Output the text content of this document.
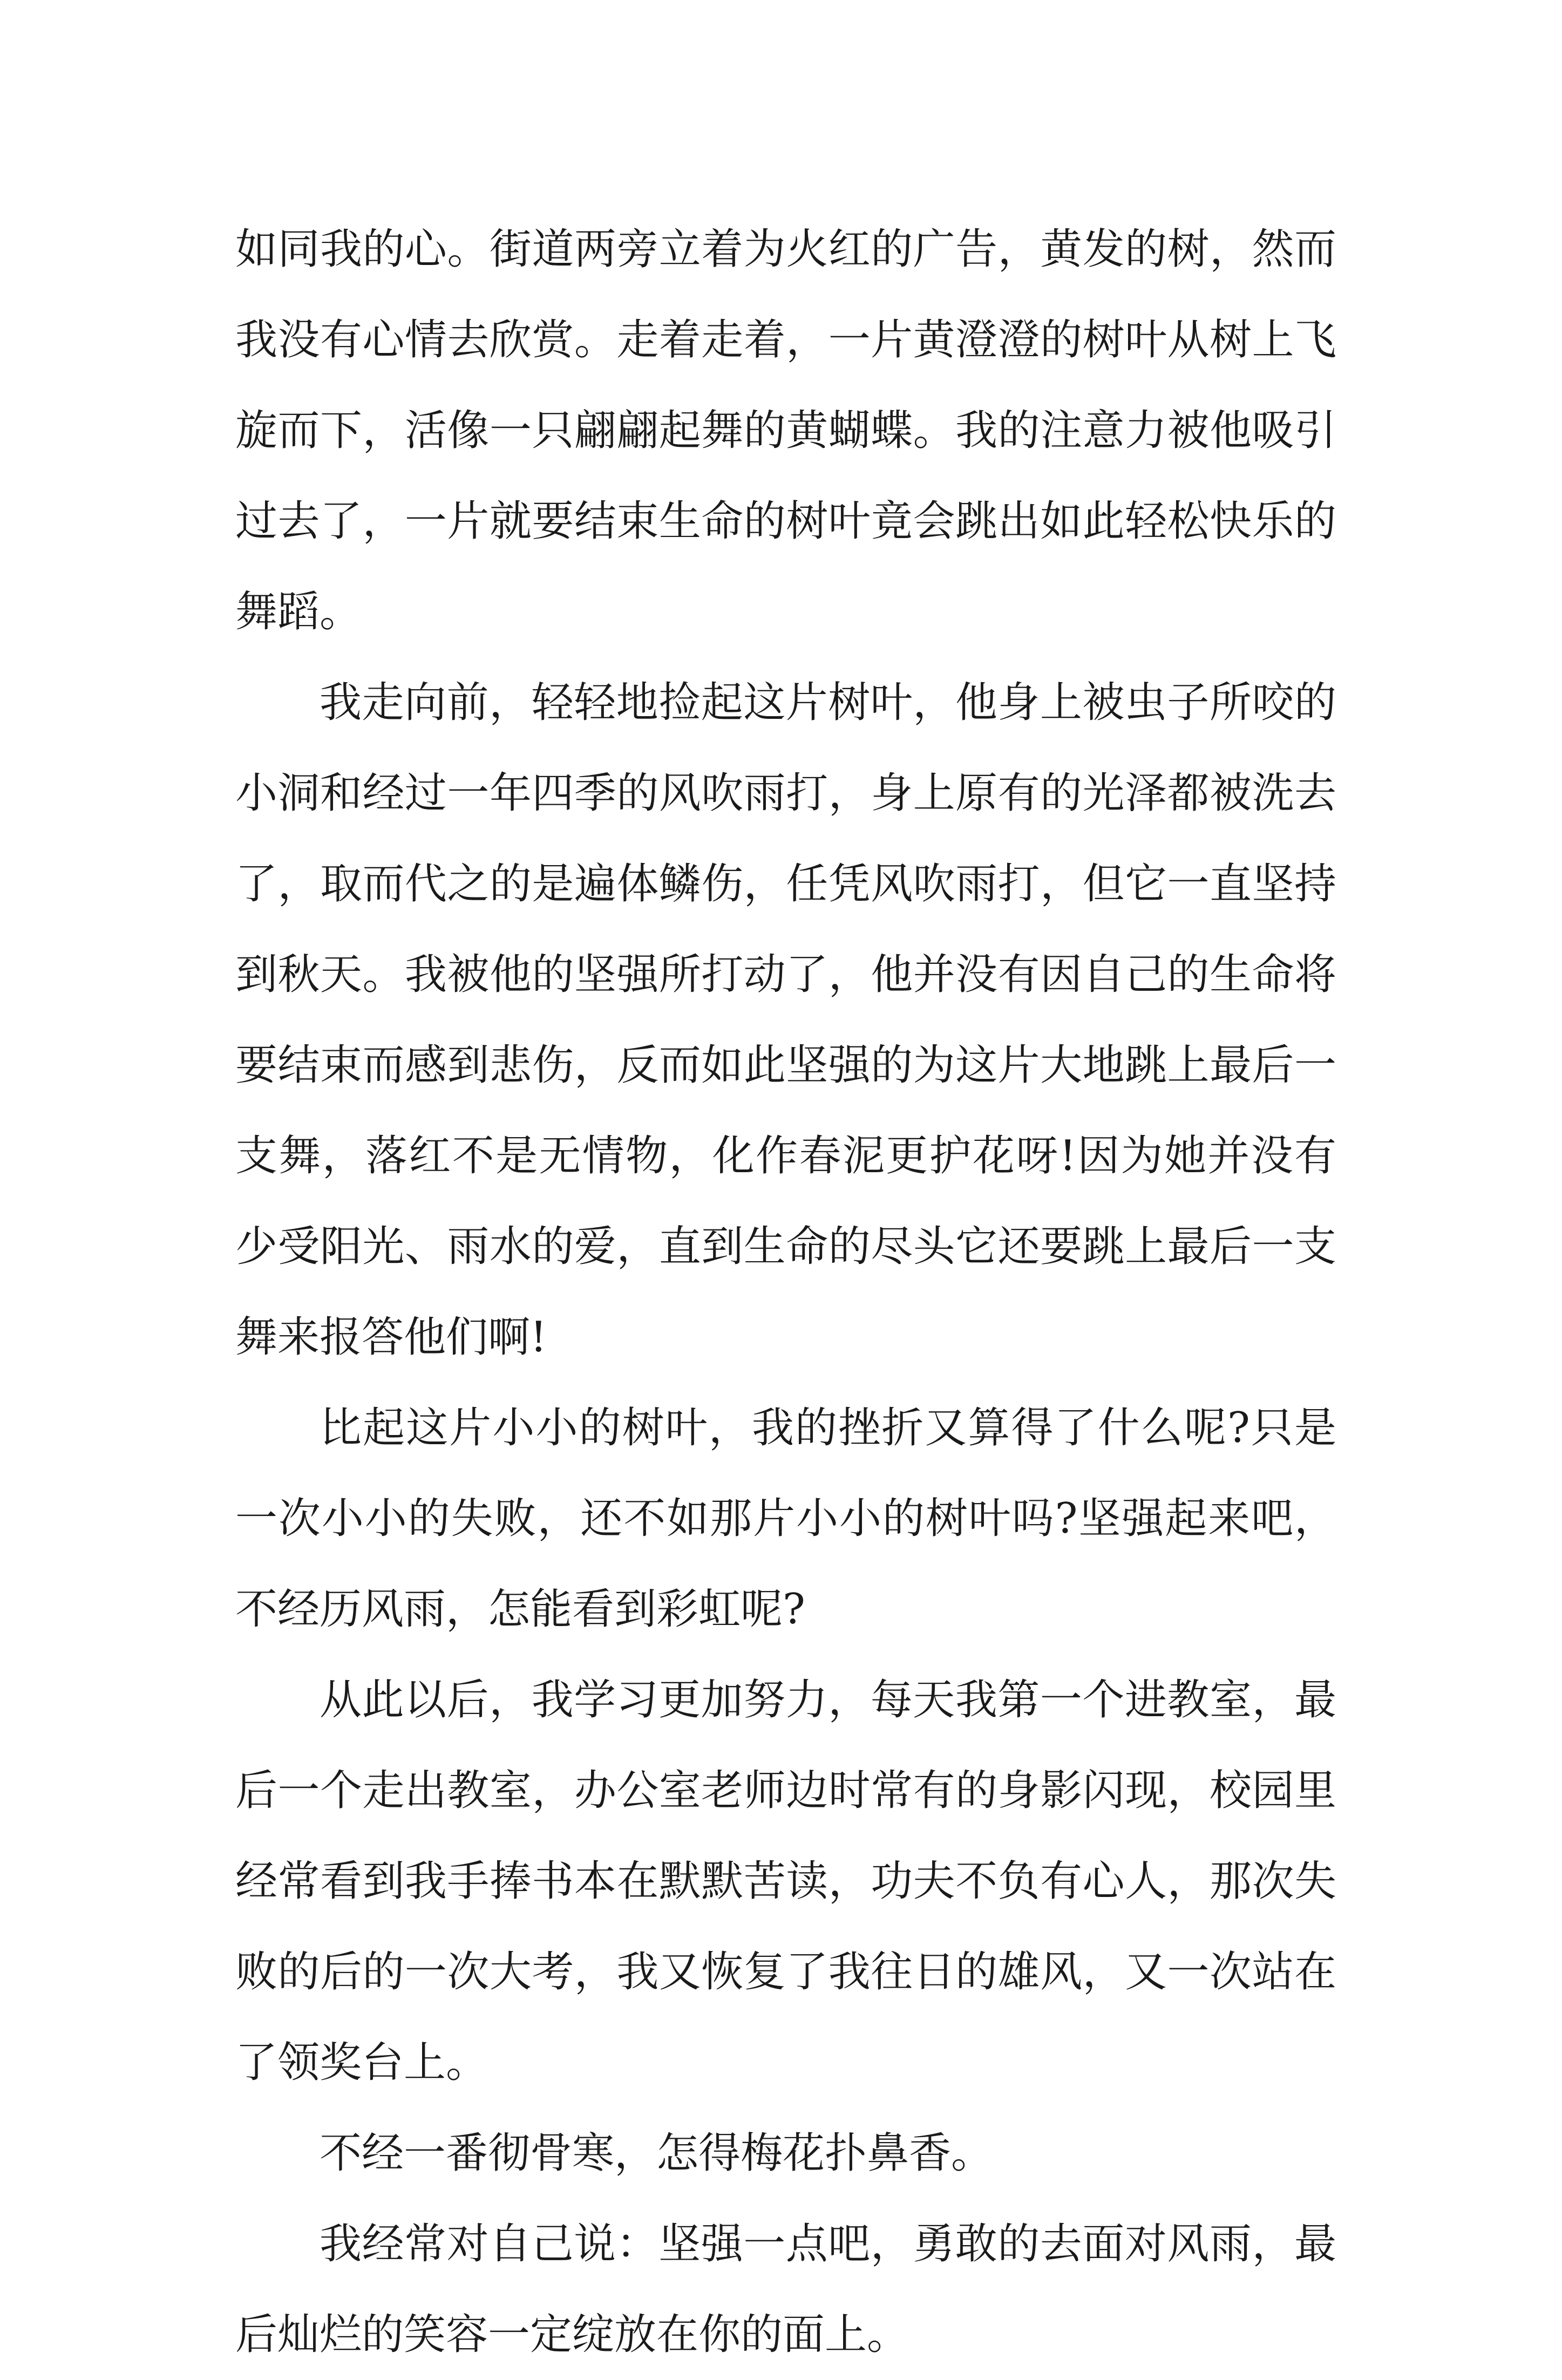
如同我的心。街道两旁立着为火红的广告，黄发的树，然而我没有心情去欣赏。走着走着，一片黄澄澄的树叶从树上飞旋而下，活像一只翩翩起舞的黄蝴蝶。我的注意力被他吸引过去了，一片就要结束生命的树叶竟会跳出如此轻松快乐的舞蹈。

我走向前，轻轻地捡起这片树叶，他身上被虫子所咬的小洞和经过一年四季的风吹雨打，身上原有的光泽都被洗去了，取而代之的是遍体鳞伤，任凭风吹雨打，但它一直坚持到秋天。我被他的坚强所打动了，他并没有因自己的生命将要结束而感到悲伤，反而如此坚强的为这片大地跳上最后一支舞，落红不是无情物，化作春泥更护花呀!因为她并没有少受阳光、雨水的爱，直到生命的尽头它还要跳上最后一支舞来报答他们啊!

比起这片小小的树叶，我的挫折又算得了什么呢?只是一次小小的失败，还不如那片小小的树叶吗?坚强起来吧，不经历风雨，怎能看到彩虹呢?

从此以后，我学习更加努力，每天我第一个进教室，最后一个走出教室，办公室老师边时常有的身影闪现，校园里经常看到我手捧书本在默默苦读，功夫不负有心人，那次失败的后的一次大考，我又恢复了我往日的雄风，又一次站在了领奖台上。

不经一番彻骨寒，怎得梅花扑鼻香。

我经常对自己说：坚强一点吧，勇敢的去面对风雨，最后灿烂的笑容一定绽放在你的面上。
